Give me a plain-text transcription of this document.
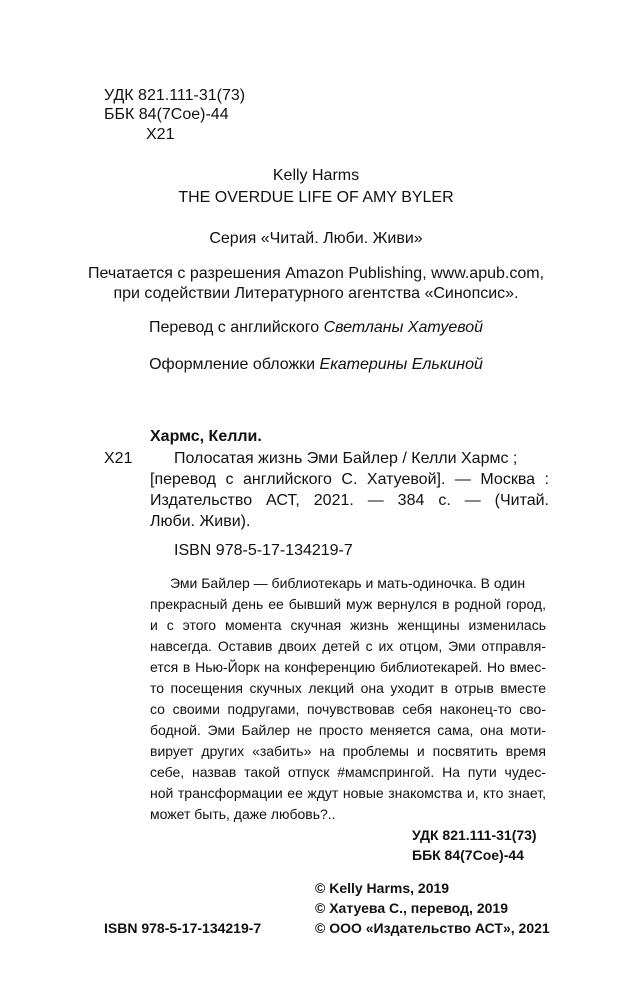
УДК 821.111-31(73)
ББК 84(7Сое)-44
Х21
Kelly Harms
THE OVERDUE LIFE OF AMY BYLER
Серия «Читай. Люби. Живи»
Печатается с разрешения Amazon Publishing, www.apub.com,
при содействии Литературного агентства «Синопсис».
Перевод с английского Светланы Хатуевой
Оформление обложки Екатерины Елькиной
Хармс, Келли.
Х21	Полосатая жизнь Эми Байлер / Келли Хармс ;
[перевод с английского С. Хатуевой]. — Москва :
Издательство АСТ, 2021. — 384 с. — (Читай.
Люби. Живи).
ISBN 978-5-17-134219-7
Эми Байлер — библиотекарь и мать-одиночка. В один
прекрасный день ее бывший муж вернулся в родной город,
и с этого момента скучная жизнь женщины изменилась
навсегда. Оставив двоих детей с их отцом, Эми отправля-
ется в Нью-Йорк на конференцию библиотекарей. Но вмес-
то посещения скучных лекций она уходит в отрыв вместе
со своими подругами, почувствовав себя наконец-то сво-
бодной. Эми Байлер не просто меняется сама, она моти-
вирует других «забить» на проблемы и посвятить время
себе, назвав такой отпуск #мамспрингой. На пути чудес-
ной трансформации ее ждут новые знакомства и, кто знает,
может быть, даже любовь?..
УДК 821.111-31(73)
ББК 84(7Сое)-44
© Kelly Harms, 2019
© Хатуева С., перевод, 2019
ISBN 978-5-17-134219-7	© ООО «Издательство АСТ», 2021
